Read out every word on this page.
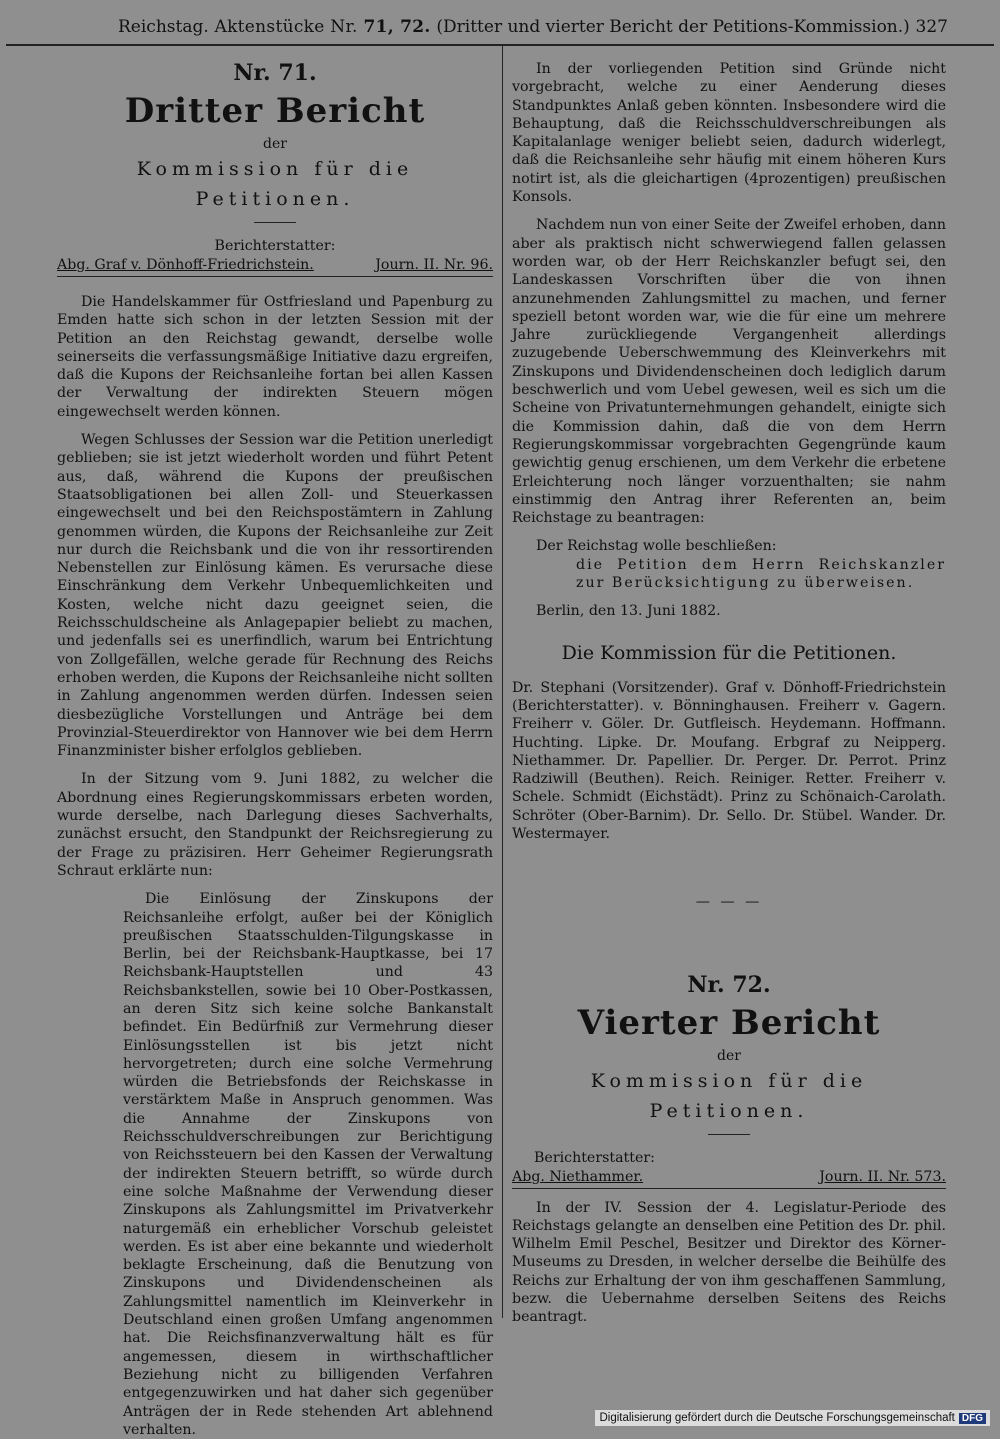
Reichstag. Aktenstücke Nr. 71, 72. (Dritter und vierter Bericht der Petitions-Kommission.) 327
Nr. 71.
Dritter Bericht
der
Kommission für die Petitionen.
Berichterstatter:
Abg. Graf v. Dönhoff-Friedrichstein.	Journ. II. Nr. 96.

Die Handelskammer für Ostfriesland und Papenburg zu Emden hatte sich schon in der letzten Session mit der Petition an den Reichstag gewandt, derselbe wolle seinerseits die verfassungsmäßige Initiative dazu ergreifen, daß die Kupons der Reichsanleihe fortan bei allen Kassen der Verwaltung der indirekten Steuern mögen eingewechselt werden können.

Wegen Schlusses der Session war die Petition unerledigt geblieben; sie ist jetzt wiederholt worden und führt Petent aus, daß, während die Kupons der preußischen Staatsobligationen bei allen Zoll- und Steuerkassen eingewechselt und bei den Reichspostämtern in Zahlung genommen würden, die Kupons der Reichsanleihe zur Zeit nur durch die Reichsbank und die von ihr ressortirenden Nebenstellen zur Einlösung kämen. Es verursache diese Einschränkung dem Verkehr Unbequemlichkeiten und Kosten, welche nicht dazu geeignet seien, die Reichsschuldscheine als Anlagepapier beliebt zu machen, und jedenfalls sei es unerfindlich, warum bei Entrichtung von Zollgefällen, welche gerade für Rechnung des Reichs erhoben werden, die Kupons der Reichsanleihe nicht sollten in Zahlung angenommen werden dürfen. Indessen seien diesbezügliche Vorstellungen und Anträge bei dem Provinzial-Steuerdirektor von Hannover wie bei dem Herrn Finanzminister bisher erfolglos geblieben.

In der Sitzung vom 9. Juni 1882, zu welcher die Abordnung eines Regierungskommissars erbeten worden, wurde derselbe, nach Darlegung dieses Sachverhalts, zunächst ersucht, den Standpunkt der Reichsregierung zu der Frage zu präzisiren. Herr Geheimer Regierungsrath Schraut erklärte nun:

Die Einlösung der Zinskupons der Reichsanleihe erfolgt, außer bei der Königlich preußischen Staatsschulden-Tilgungskasse in Berlin, bei der Reichsbank-Hauptkasse, bei 17 Reichsbank-Hauptstellen und 43 Reichsbankstellen, sowie bei 10 Ober-Postkassen, an deren Sitz sich keine solche Bankanstalt befindet. Ein Bedürfniß zur Vermehrung dieser Einlösungsstellen ist bis jetzt nicht hervorgetreten; durch eine solche Vermehrung würden die Betriebsfonds der Reichskasse in verstärktem Maße in Anspruch genommen. Was die Annahme der Zinskupons von Reichsschuldverschreibungen zur Berichtigung von Reichssteuern bei den Kassen der Verwaltung der indirekten Steuern betrifft, so würde durch eine solche Maßnahme der Verwendung dieser Zinskupons als Zahlungsmittel im Privatverkehr naturgemäß ein erheblicher Vorschub geleistet werden. Es ist aber eine bekannte und wiederholt beklagte Erscheinung, daß die Benutzung von Zinskupons und Dividendenscheinen als Zahlungsmittel namentlich im Kleinverkehr in Deutschland einen großen Umfang angenommen hat. Die Reichsfinanzverwaltung hält es für angemessen, diesem in wirthschaftlicher Beziehung nicht zu billigenden Verfahren entgegenzuwirken und hat daher sich gegenüber Anträgen der in Rede stehenden Art ablehnend verhalten.

In der vorliegenden Petition sind Gründe nicht vorgebracht, welche zu einer Aenderung dieses Standpunktes Anlaß geben könnten. Insbesondere wird die Behauptung, daß die Reichsschuldverschreibungen als Kapitalanlage weniger beliebt seien, dadurch widerlegt, daß die Reichsanleihe sehr häufig mit einem höheren Kurs notirt ist, als die gleichartigen (4prozentigen) preußischen Konsols.

Nachdem nun von einer Seite der Zweifel erhoben, dann aber als praktisch nicht schwerwiegend fallen gelassen worden war, ob der Herr Reichskanzler befugt sei, den Landeskassen Vorschriften über die von ihnen anzunehmenden Zahlungsmittel zu machen, und ferner speziell betont worden war, wie die für eine um mehrere Jahre zurückliegende Vergangenheit allerdings zuzugebende Ueberschwemmung des Kleinverkehrs mit Zinskupons und Dividendenscheinen doch lediglich darum beschwerlich und vom Uebel gewesen, weil es sich um die Scheine von Privatunternehmungen gehandelt, einigte sich die Kommission dahin, daß die von dem Herrn Regierungskommissar vorgebrachten Gegengründe kaum gewichtig genug erschienen, um dem Verkehr die erbetene Erleichterung noch länger vorzuenthalten; sie nahm einstimmig den Antrag ihrer Referenten an, beim Reichstage zu beantragen:

Der Reichstag wolle beschließen:

die Petition dem Herrn Reichskanzler zur Berücksichtigung zu überweisen.

Berlin, den 13. Juni 1882.

Die Kommission für die Petitionen.

Dr. Stephani (Vorsitzender). Graf v. Dönhoff-Friedrichstein (Berichterstatter). v. Bönninghausen. Freiherr v. Gagern. Freiherr v. Göler. Dr. Gutfleisch. Heydemann. Hoffmann. Huchting. Lipke. Dr. Moufang. Erbgraf zu Neipperg. Niethammer. Dr. Papellier. Dr. Perger. Dr. Perrot. Prinz Radziwill (Beuthen). Reich. Reiniger. Retter. Freiherr v. Schele. Schmidt (Eichstädt). Prinz zu Schönaich-Carolath. Schröter (Ober-Barnim). Dr. Sello. Dr. Stübel. Wander. Dr. Westermayer.

— — —
Nr. 72.
Vierter Bericht
der
Kommission für die Petitionen.
Berichterstatter:
Abg. Niethammer.	Journ. II. Nr. 573.

In der IV. Session der 4. Legislatur-Periode des Reichstags gelangte an denselben eine Petition des Dr. phil. Wilhelm Emil Peschel, Besitzer und Direktor des Körner-Museums zu Dresden, in welcher derselbe die Beihülfe des Reichs zur Erhaltung der von ihm geschaffenen Sammlung, bezw. die Uebernahme derselben Seitens des Reichs beantragt.

Digitalisierung gefördert durch die Deutsche Forschungsgemeinschaft DFG
